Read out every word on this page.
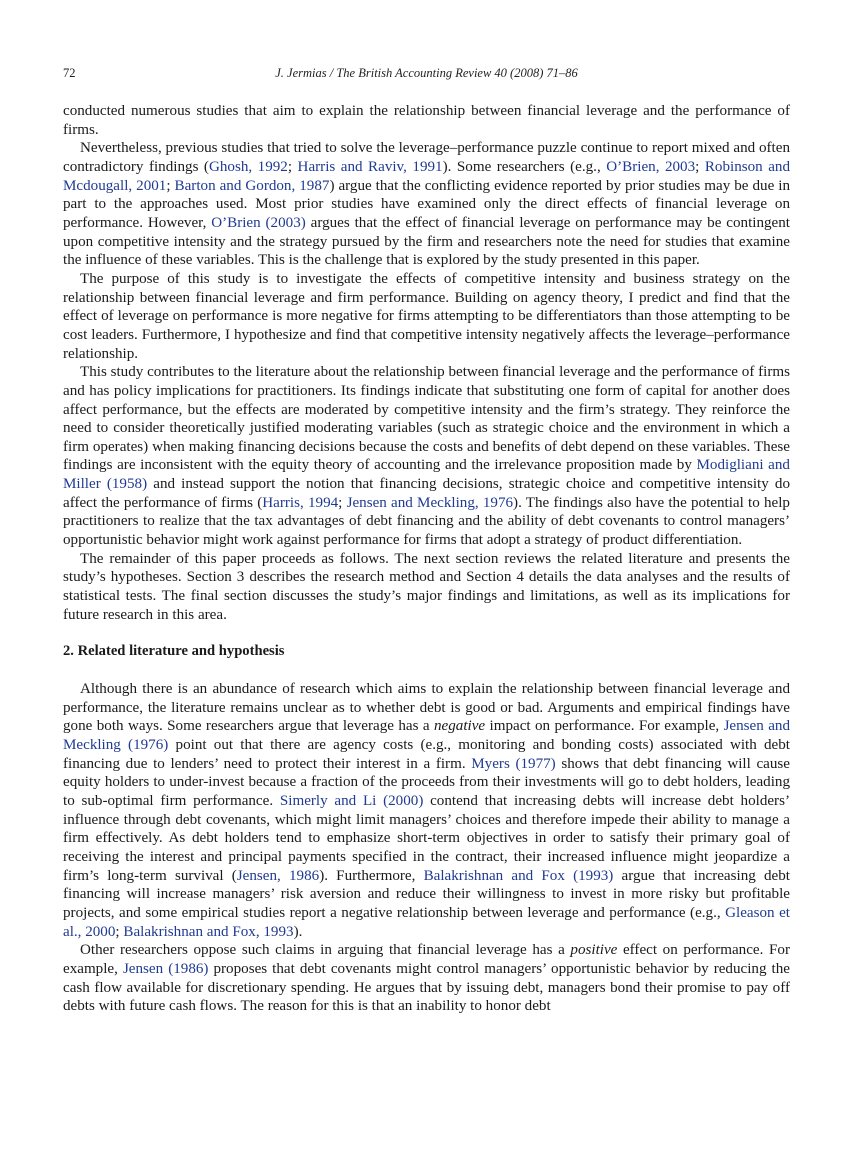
72	J. Jermias / The British Accounting Review 40 (2008) 71–86

conducted numerous studies that aim to explain the relationship between financial leverage and the performance of firms.

Nevertheless, previous studies that tried to solve the leverage–performance puzzle continue to report mixed and often contradictory findings (Ghosh, 1992; Harris and Raviv, 1991). Some researchers (e.g., O’Brien, 2003; Robinson and Mcdougall, 2001; Barton and Gordon, 1987) argue that the conflicting evidence reported by prior studies may be due in part to the approaches used. Most prior studies have examined only the direct effects of financial leverage on performance. However, O’Brien (2003) argues that the effect of financial leverage on performance may be contingent upon competitive intensity and the strategy pursued by the firm and researchers note the need for studies that examine the influence of these variables. This is the challenge that is explored by the study presented in this paper.

The purpose of this study is to investigate the effects of competitive intensity and business strategy on the relationship between financial leverage and firm performance. Building on agency theory, I predict and find that the effect of leverage on performance is more negative for firms attempting to be differentiators than those attempting to be cost leaders. Furthermore, I hypothesize and find that competitive intensity negatively affects the leverage–performance relationship.

This study contributes to the literature about the relationship between financial leverage and the performance of firms and has policy implications for practitioners. Its findings indicate that substituting one form of capital for another does affect performance, but the effects are moderated by competitive intensity and the firm’s strategy. They reinforce the need to consider theoretically justified moderating variables (such as strategic choice and the environment in which a firm operates) when making financing decisions because the costs and benefits of debt depend on these variables. These findings are inconsistent with the equity theory of accounting and the irrelevance proposition made by Modigliani and Miller (1958) and instead support the notion that financing decisions, strategic choice and competitive intensity do affect the performance of firms (Harris, 1994; Jensen and Meckling, 1976). The findings also have the potential to help practitioners to realize that the tax advantages of debt financing and the ability of debt covenants to control managers’ opportunistic behavior might work against performance for firms that adopt a strategy of product differentiation.

The remainder of this paper proceeds as follows. The next section reviews the related literature and presents the study’s hypotheses. Section 3 describes the research method and Section 4 details the data analyses and the results of statistical tests. The final section discusses the study’s major findings and limitations, as well as its implications for future research in this area.

2. Related literature and hypothesis

Although there is an abundance of research which aims to explain the relationship between financial leverage and performance, the literature remains unclear as to whether debt is good or bad. Arguments and empirical findings have gone both ways. Some researchers argue that leverage has a negative impact on performance. For example, Jensen and Meckling (1976) point out that there are agency costs (e.g., monitoring and bonding costs) associated with debt financing due to lenders’ need to protect their interest in a firm. Myers (1977) shows that debt financing will cause equity holders to under-invest because a fraction of the proceeds from their investments will go to debt holders, leading to sub-optimal firm performance. Simerly and Li (2000) contend that increasing debts will increase debt holders’ influence through debt covenants, which might limit managers’ choices and therefore impede their ability to manage a firm effectively. As debt holders tend to emphasize short-term objectives in order to satisfy their primary goal of receiving the interest and principal payments specified in the contract, their increased influence might jeopardize a firm’s long-term survival (Jensen, 1986). Furthermore, Balakrishnan and Fox (1993) argue that increasing debt financing will increase managers’ risk aversion and reduce their willingness to invest in more risky but profitable projects, and some empirical studies report a negative relationship between leverage and performance (e.g., Gleason et al., 2000; Balakrishnan and Fox, 1993).

Other researchers oppose such claims in arguing that financial leverage has a positive effect on performance. For example, Jensen (1986) proposes that debt covenants might control managers’ opportunistic behavior by reducing the cash flow available for discretionary spending. He argues that by issuing debt, managers bond their promise to pay off debts with future cash flows. The reason for this is that an inability to honor debt
